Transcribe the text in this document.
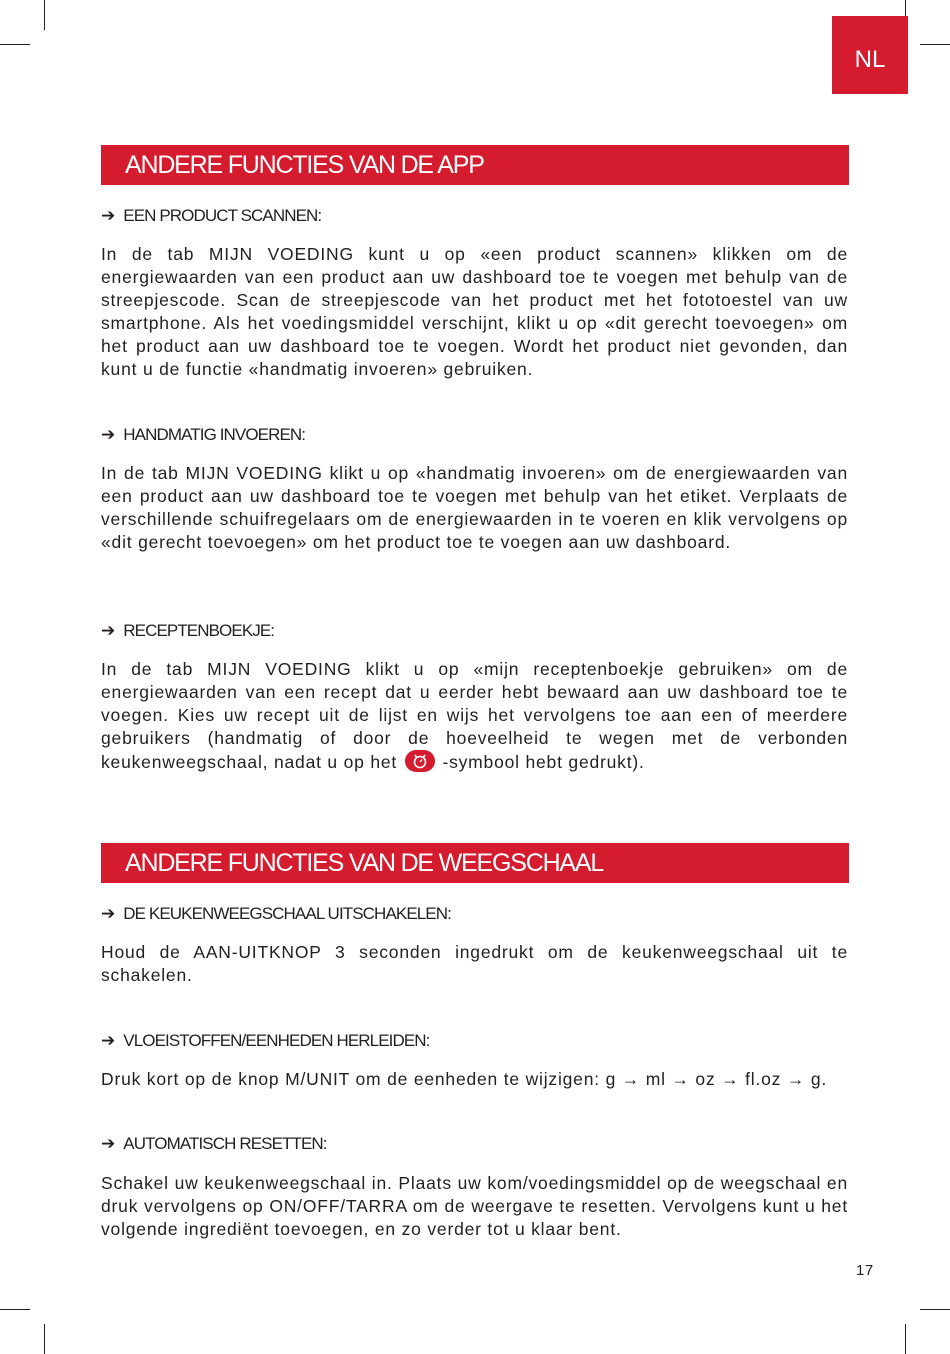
NL
ANDERE FUNCTIES VAN DE APP
➔ EEN PRODUCT SCANNEN:

In de tab MIJN VOEDING kunt u op «een product scannen» klikken om de energiewaarden van een product aan uw dashboard toe te voegen met behulp van de streepjescode. Scan de streepjescode van het product met het fototoestel van uw smartphone. Als het voedingsmiddel verschijnt, klikt u op «dit gerecht toevoegen» om het product aan uw dashboard toe te voegen. Wordt het product niet gevonden, dan kunt u de functie «handmatig invoeren» gebruiken.

➔ HANDMATIG INVOEREN:

In de tab MIJN VOEDING klikt u op «handmatig invoeren» om de energiewaarden van een product aan uw dashboard toe te voegen met behulp van het etiket. Verplaats de verschillende schuifregelaars om de energiewaarden in te voeren en klik vervolgens op «dit gerecht toevoegen» om het product toe te voegen aan uw dashboard.

➔ RECEPTENBOEKJE:

In de tab MIJN VOEDING klikt u op «mijn receptenboekje gebruiken» om de energiewaarden van een recept dat u eerder hebt bewaard aan uw dashboard toe te voegen. Kies uw recept uit de lijst en wijs het vervolgens toe aan een of meerdere gebruikers (handmatig of door de hoeveelheid te wegen met de verbonden keukenweegschaal, nadat u op het	-symbool hebt gedrukt).

ANDERE FUNCTIES VAN DE WEEGSCHAAL
➔ DE KEUKENWEEGSCHAAL UITSCHAKELEN:

Houd de AAN-UITKNOP 3 seconden ingedrukt om de keukenweegschaal uit te schakelen.

➔ VLOEISTOFFEN/EENHEDEN HERLEIDEN:

Druk kort op de knop M/UNIT om de eenheden te wijzigen: g → ml → oz → fl.oz → g.

➔ AUTOMATISCH RESETTEN:

Schakel uw keukenweegschaal in. Plaats uw kom/voedingsmiddel op de weegschaal en druk vervolgens op ON/OFF/TARRA om de weergave te resetten. Vervolgens kunt u het volgende ingrediënt toevoegen, en zo verder tot u klaar bent.

17
